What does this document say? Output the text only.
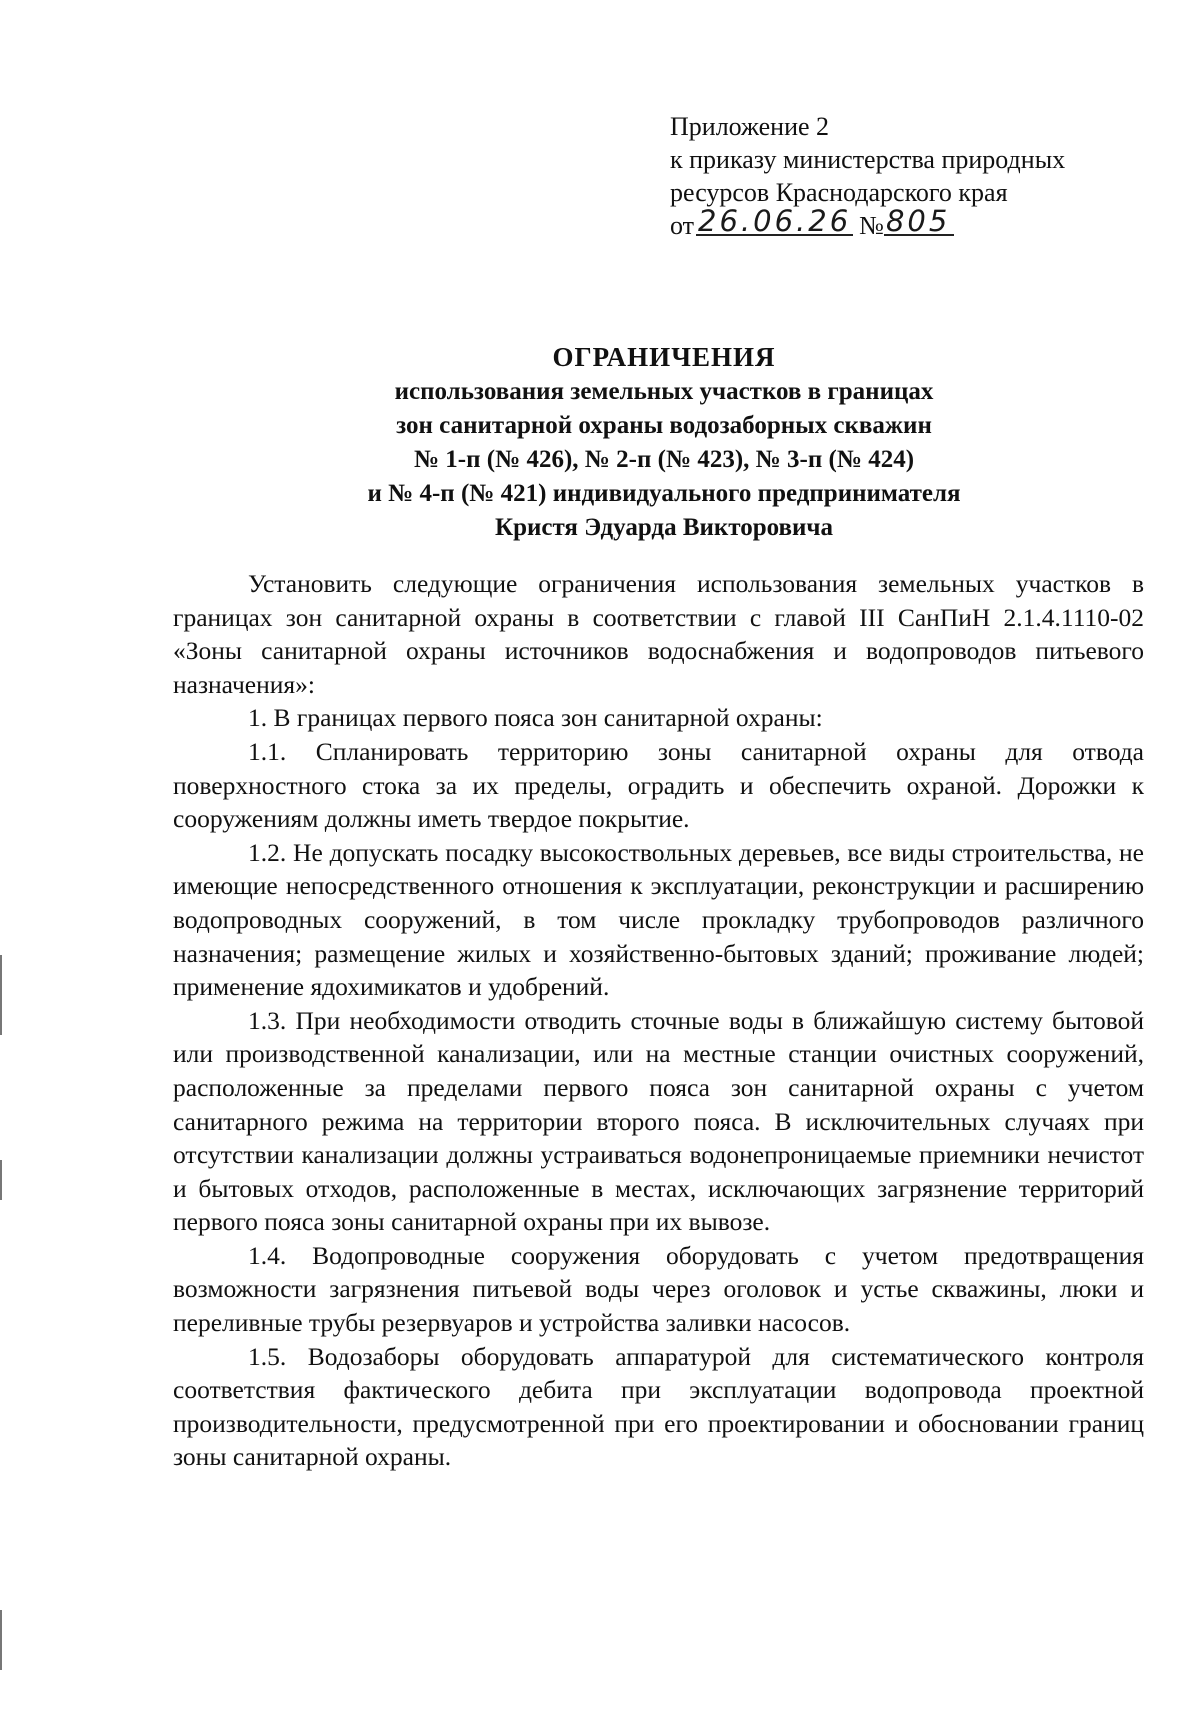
Приложение 2
к приказу министерства природных
ресурсов Краснодарского края
от 26.06.26 №805
ОГРАНИЧЕНИЯ
использования земельных участков в границах
зон санитарной охраны водозаборных скважин
№ 1-п (№ 426), № 2-п (№ 423), № 3-п (№ 424)
и № 4-п (№ 421) индивидуального предпринимателя
Кристя Эдуарда Викторовича

Установить следующие ограничения использования земельных участков в границах зон санитарной охраны в соответствии с главой III СанПиН 2.1.4.1110-02 «Зоны санитарной охраны источников водоснабжения и водопроводов питьевого назначения»:

1. В границах первого пояса зон санитарной охраны:

1.1. Спланировать территорию зоны санитарной охраны для отвода поверхностного стока за их пределы, оградить и обеспечить охраной. Дорожки к сооружениям должны иметь твердое покрытие.

1.2. Не допускать посадку высокоствольных деревьев, все виды строительства, не имеющие непосредственного отношения к эксплуатации, реконструкции и расширению водопроводных сооружений, в том числе прокладку трубопроводов различного назначения; размещение жилых и хозяйственно-бытовых зданий; проживание людей; применение ядохимикатов и удобрений.

1.3. При необходимости отводить сточные воды в ближайшую систему бытовой или производственной канализации, или на местные станции очистных сооружений, расположенные за пределами первого пояса зон санитарной охраны с учетом санитарного режима на территории второго пояса. В исключительных случаях при отсутствии канализации должны устраиваться водонепроницаемые приемники нечистот и бытовых отходов, расположенные в местах, исключающих загрязнение территорий первого пояса зоны санитарной охраны при их вывозе.

1.4. Водопроводные сооружения оборудовать с учетом предотвращения возможности загрязнения питьевой воды через оголовок и устье скважины, люки и переливные трубы резервуаров и устройства заливки насосов.

1.5. Водозаборы оборудовать аппаратурой для систематического контроля соответствия фактического дебита при эксплуатации водопровода проектной производительности, предусмотренной при его проектировании и обосновании границ зоны санитарной охраны.
